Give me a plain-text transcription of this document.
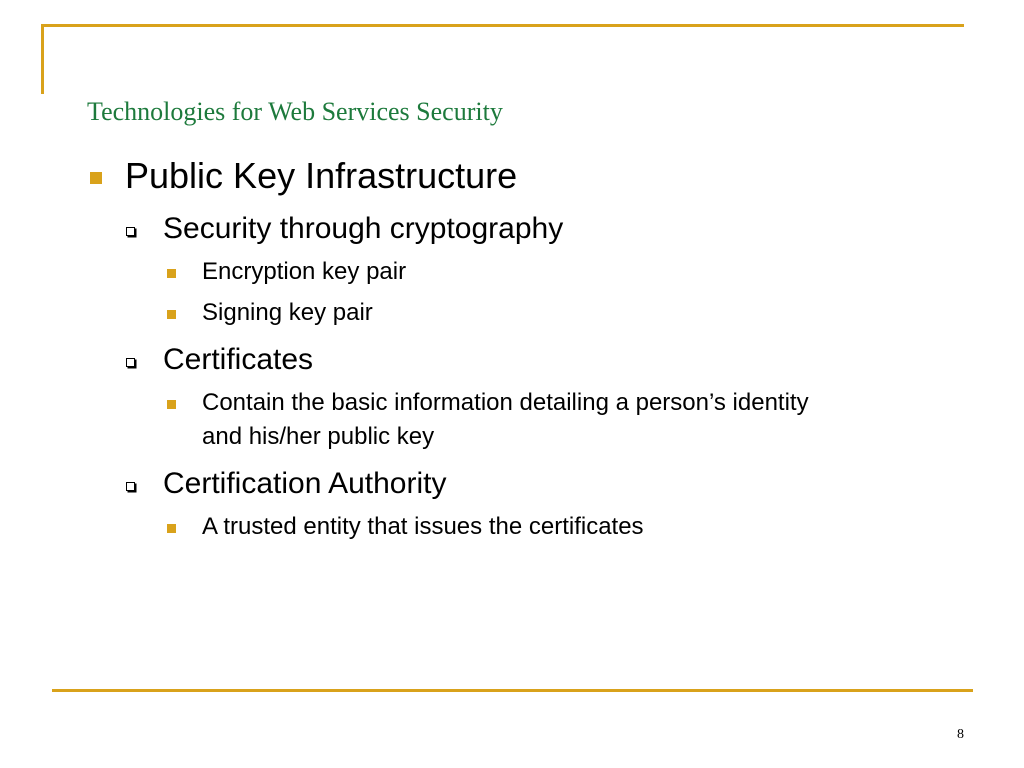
Technologies for Web Services Security

Public Key Infrastructure

Security through cryptography

Encryption key pair

Signing key pair

Certificates

Contain the basic information detailing a person’s identity

and his/her public key

Certification Authority

A trusted entity that issues the certificates

8
